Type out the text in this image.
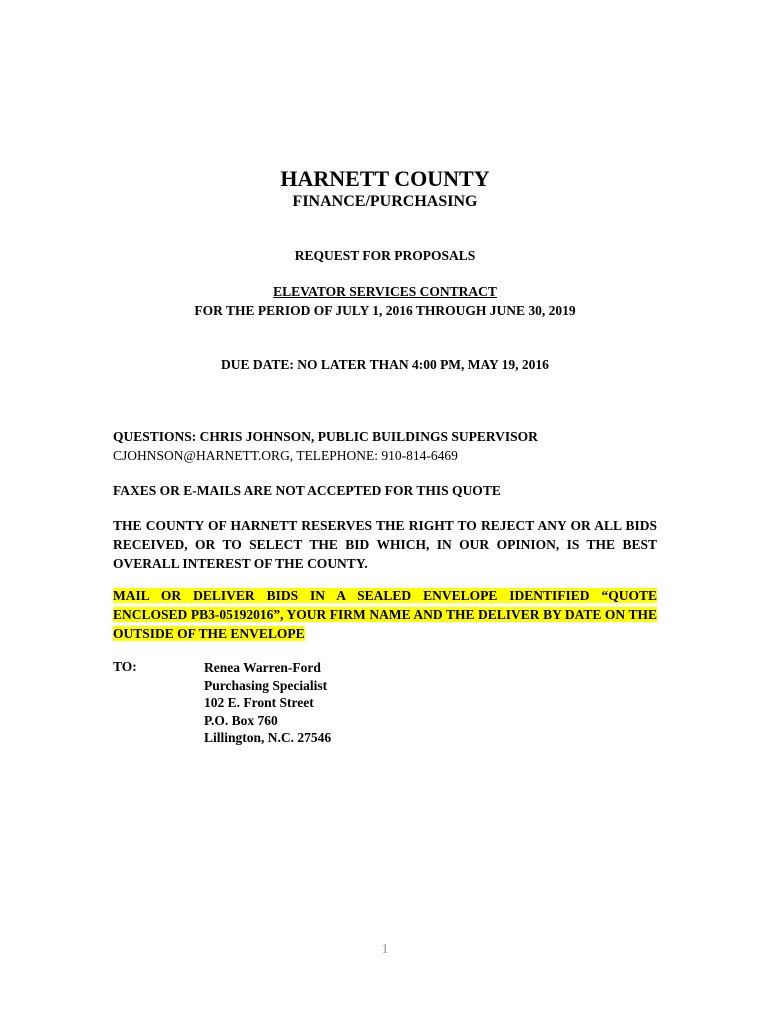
HARNETT COUNTY
FINANCE/PURCHASING
REQUEST FOR PROPOSALS
ELEVATOR SERVICES CONTRACT
FOR THE PERIOD OF JULY 1, 2016 THROUGH JUNE 30, 2019
DUE DATE: NO LATER THAN 4:00 PM, MAY 19, 2016
QUESTIONS: CHRIS JOHNSON, PUBLIC BUILDINGS SUPERVISOR
CJOHNSON@HARNETT.ORG, TELEPHONE: 910-814-6469
FAXES OR E-MAILS ARE NOT ACCEPTED FOR THIS QUOTE
THE COUNTY OF HARNETT RESERVES THE RIGHT TO REJECT ANY OR ALL BIDS RECEIVED, OR TO SELECT THE BID WHICH, IN OUR OPINION, IS THE BEST OVERALL INTEREST OF THE COUNTY.
MAIL OR DELIVER BIDS IN A SEALED ENVELOPE IDENTIFIED “QUOTE ENCLOSED PB3-05192016”, YOUR FIRM NAME AND THE DELIVER BY DATE ON THE OUTSIDE OF THE ENVELOPE
TO:	Renea Warren-Ford
Purchasing Specialist
102 E. Front Street
P.O. Box 760
Lillington, N.C. 27546
1
